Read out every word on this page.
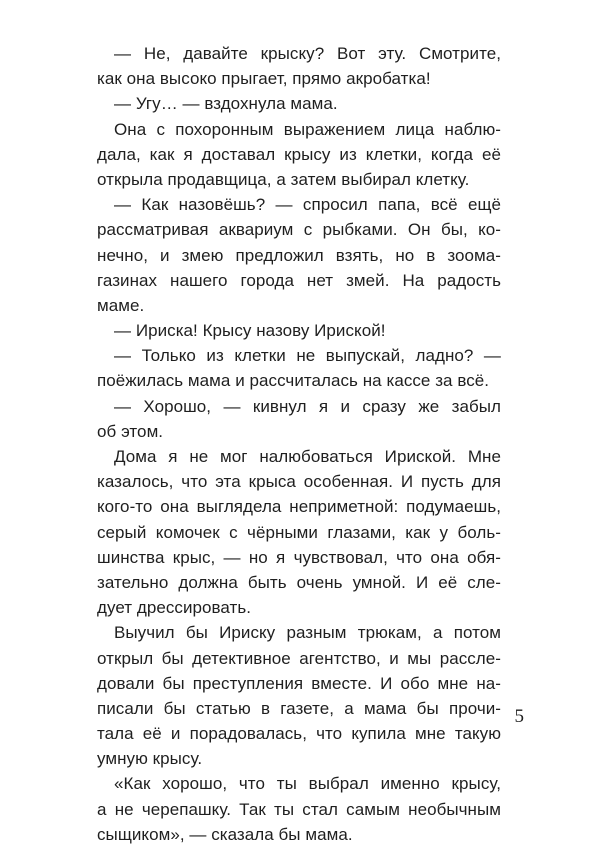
— Не, давайте крыску? Вот эту. Смотрите,
как она высоко прыгает, прямо акробатка!
— Угу… — вздохнула мама.
Она с похоронным выражением лица наблю-
дала, как я доставал крысу из клетки, когда её
открыла продавщица, а затем выбирал клетку.
— Как назовёшь? — спросил папа, всё ещё
рассматривая аквариум с рыбками. Он бы, ко-
нечно, и змею предложил взять, но в зоома-
газинах нашего города нет змей. На радость
маме.
— Ириска! Крысу назову Ириской!
— Только из клетки не выпускай, ладно? —
поёжилась мама и рассчиталась на кассе за всё.
— Хорошо, — кивнул я и сразу же забыл
об этом.
Дома я не мог налюбоваться Ириской. Мне
казалось, что эта крыса особенная. И пусть для
кого-то она выглядела неприметной: подумаешь,
серый комочек с чёрными глазами, как у боль-
шинства крыс, — но я чувствовал, что она обя-
зательно должна быть очень умной. И её сле-
дует дрессировать.
Выучил бы Ириску разным трюкам, а потом
открыл бы детективное агентство, и мы рассле-
довали бы преступления вместе. И обо мне на-
писали бы статью в газете, а мама бы прочи-
тала её и порадовалась, что купила мне такую
умную крысу.
«Как хорошо, что ты выбрал именно крысу,
а не черепашку. Так ты стал самым необычным
сыщиком», — сказала бы мама.
5
